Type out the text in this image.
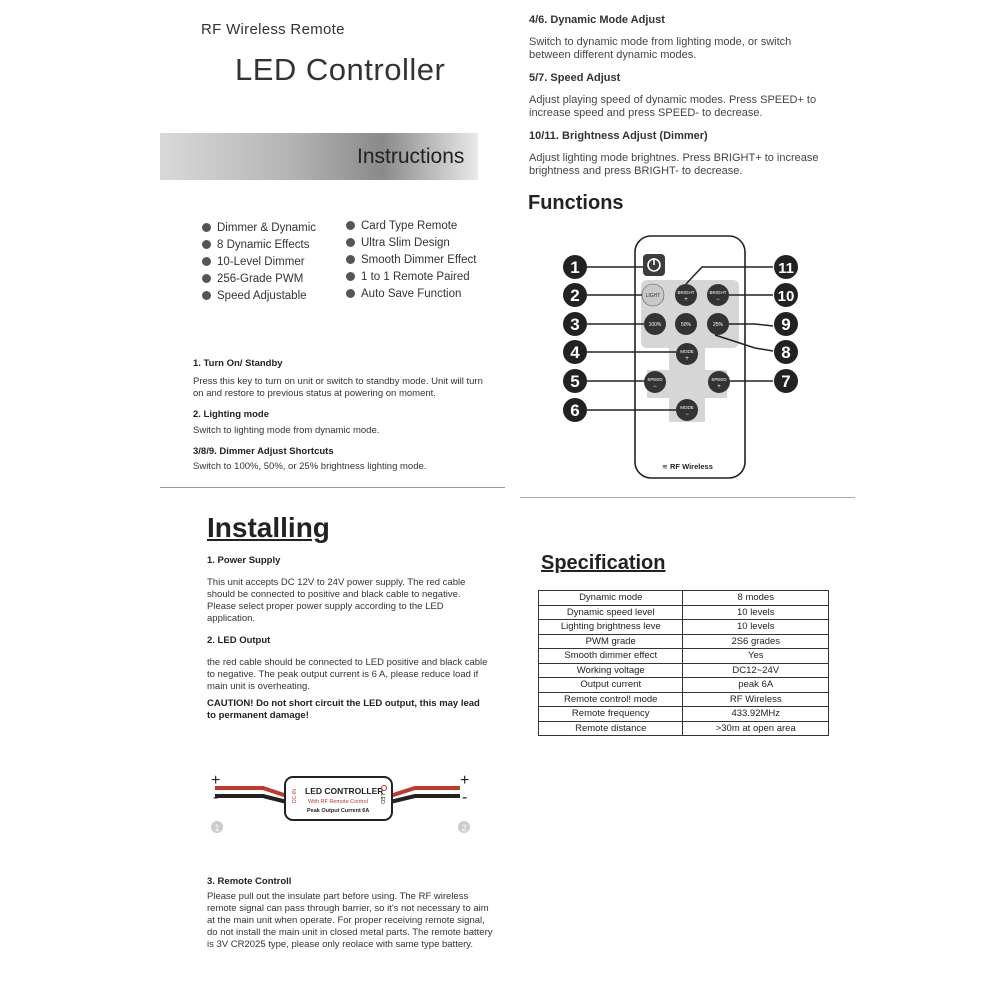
RF Wireless Remote
LED Controller
Instructions
Dimmer & Dynamic
8 Dynamic Effects
10-Level Dimmer
256-Grade PWM
Speed Adjustable
Card Type Remote
Ultra Slim Design
Smooth Dimmer Effect
1 to 1 Remote Paired
Auto Save Function
1. Turn On/ Standby
Press this key to turn on unit or switch to standby mode. Unit will turn on and restore to previous status at powering on moment.
2. Lighting mode
Switch to lighting mode from dynamic mode.
3/8/9. Dimmer Adjust Shortcuts
Switch to 100%, 50%, or 25% brightness lighting mode.
4/6. Dynamic Mode Adjust
Switch to dynamic mode from lighting mode, or switch between different dynamic modes.
5/7. Speed Adjust
Adjust playing speed of dynamic modes. Press SPEED+ to increase speed and press SPEED- to decrease.
10/11. Brightness Adjust (Dimmer)
Adjust lighting mode brightnes. Press BRIGHT+ to increase brightness and press BRIGHT- to decrease.
Functions
LIGHT
BRIGHT
+
BRIGHT
−
100%	50%	25%
MODE
+
SPEED
−
SPEED
+
MODE
−
≋ RF Wireless
1
2
3
4
5
6
7
8
9
10
11
Installing
1. Power Supply
This unit accepts DC 12V to 24V power supply. The red cable should be connected to positive and black cable to negative. Please select proper power supply according to the LED application.
2. LED Output
the red cable should be connected to LED positive and black cable to negative. The peak output current is 6 A, please reduce load if main unit is overheating.
CAUTION! Do not short circuit the LED output, this may lead to permanent damage!
+
-
+
-
DC-IN LED CONTROLLER
With RF Remote Control
Peak Output Current 6A
LED
1	2
3. Remote Controll
Please pull out the insulate part before using. The RF wireless remote signal can pass through barrier, so it's not necessary to aim at the main unit when operate. For proper receiving remote signal, do not install the main unit in closed metal parts. The remote battery is 3V CR2025 type, please only reolace with same type battery.
Specification
Dynamic mode	8 modes
Dynamic speed level	10 levels
Lighting brightness leve	10 levels
PWM grade	2S6 grades
Smooth dimmer effect	Yes
Working voltage	DC12~24V
Output current	peak 6A
Remote control! mode	RF Wireless
Remote frequency	433.92MHz
Remote distance	>30m at open area
